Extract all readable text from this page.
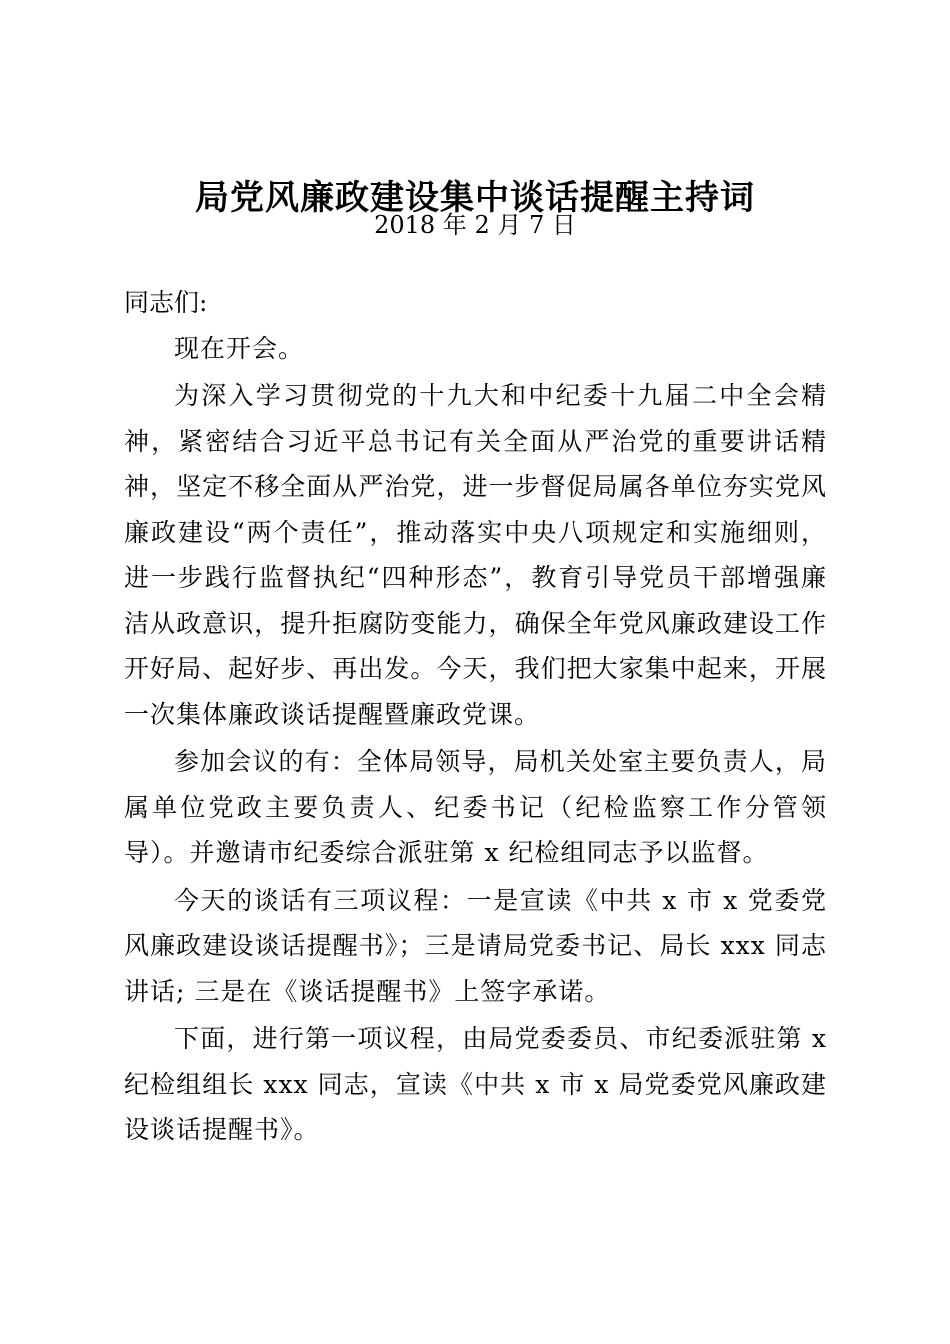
局党风廉政建设集中谈话提醒主持词
2018 年 2 月 7 日

同志们:

现在开会。

为深入学习贯彻党的十九大和中纪委十九届二中全会精神，紧密结合习近平总书记有关全面从严治党的重要讲话精神，坚定不移全面从严治党，进一步督促局属各单位夯实党风廉政建设“两个责任”，推动落实中央八项规定和实施细则，进一步践行监督执纪“四种形态”，教育引导党员干部增强廉洁从政意识，提升拒腐防变能力，确保全年党风廉政建设工作开好局、起好步、再出发。今天，我们把大家集中起来，开展一次集体廉政谈话提醒暨廉政党课。

参加会议的有：全体局领导，局机关处室主要负责人，局属单位党政主要负责人、纪委书记（纪检监察工作分管领导）。并邀请市纪委综合派驻第 x 纪检组同志予以监督。

今天的谈话有三项议程：一是宣读《中共 x 市 x 党委党风廉政建设谈话提醒书》；三是请局党委书记、局长 xxx 同志讲话; 三是在《谈话提醒书》上签字承诺。

下面，进行第一项议程，由局党委委员、市纪委派驻第 x 纪检组组长 xxx 同志，宣读《中共 x 市 x 局党委党风廉政建设谈话提醒书》。
